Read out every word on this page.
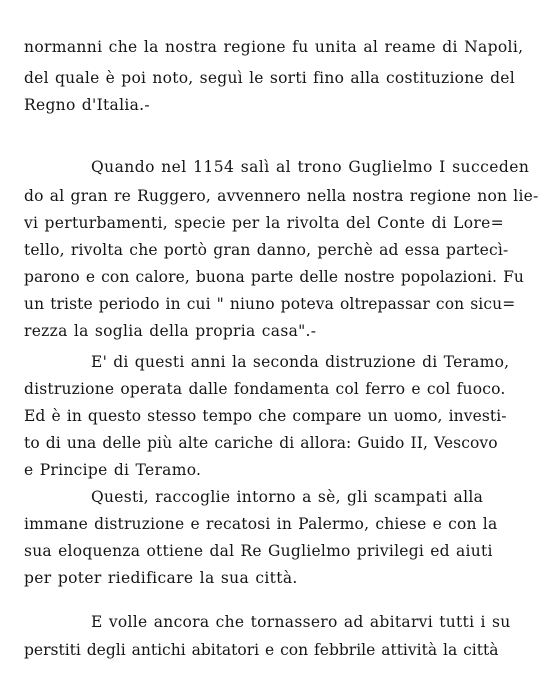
normanni che la nostra regione fu unita al reame di Napoli,
del quale è poi noto, seguì le sorti fino alla costituzione del
Regno d'Italia.-
Quando nel 1154 salì al trono Guglielmo I succeden
do al gran re Ruggero, avvennero nella nostra regione non lie-
vi perturbamenti, specie per la rivolta del Conte di Lore=
tello, rivolta che portò gran danno, perchè ad essa partecì-
parono e con calore, buona parte delle nostre popolazioni. Fu
un triste periodo in cui " niuno poteva oltrepassar con sicu=
rezza la soglia della propria casa".-
E' di questi anni la seconda distruzione di Teramo,
distruzione operata dalle fondamenta col ferro e col fuoco.
Ed è in questo stesso tempo che compare un uomo, investi-
to di una delle più alte cariche di allora: Guido II, Vescovo
e Principe di Teramo.
Questi, raccoglie intorno a sè, gli scampati alla
immane distruzione e recatosi in Palermo, chiese e con la
sua eloquenza ottiene dal Re Guglielmo privilegi ed aiuti
per poter riedificare la sua città.
E volle ancora che tornassero ad abitarvi tutti i su
perstiti degli antichi abitatori e con febbrile attività la città
